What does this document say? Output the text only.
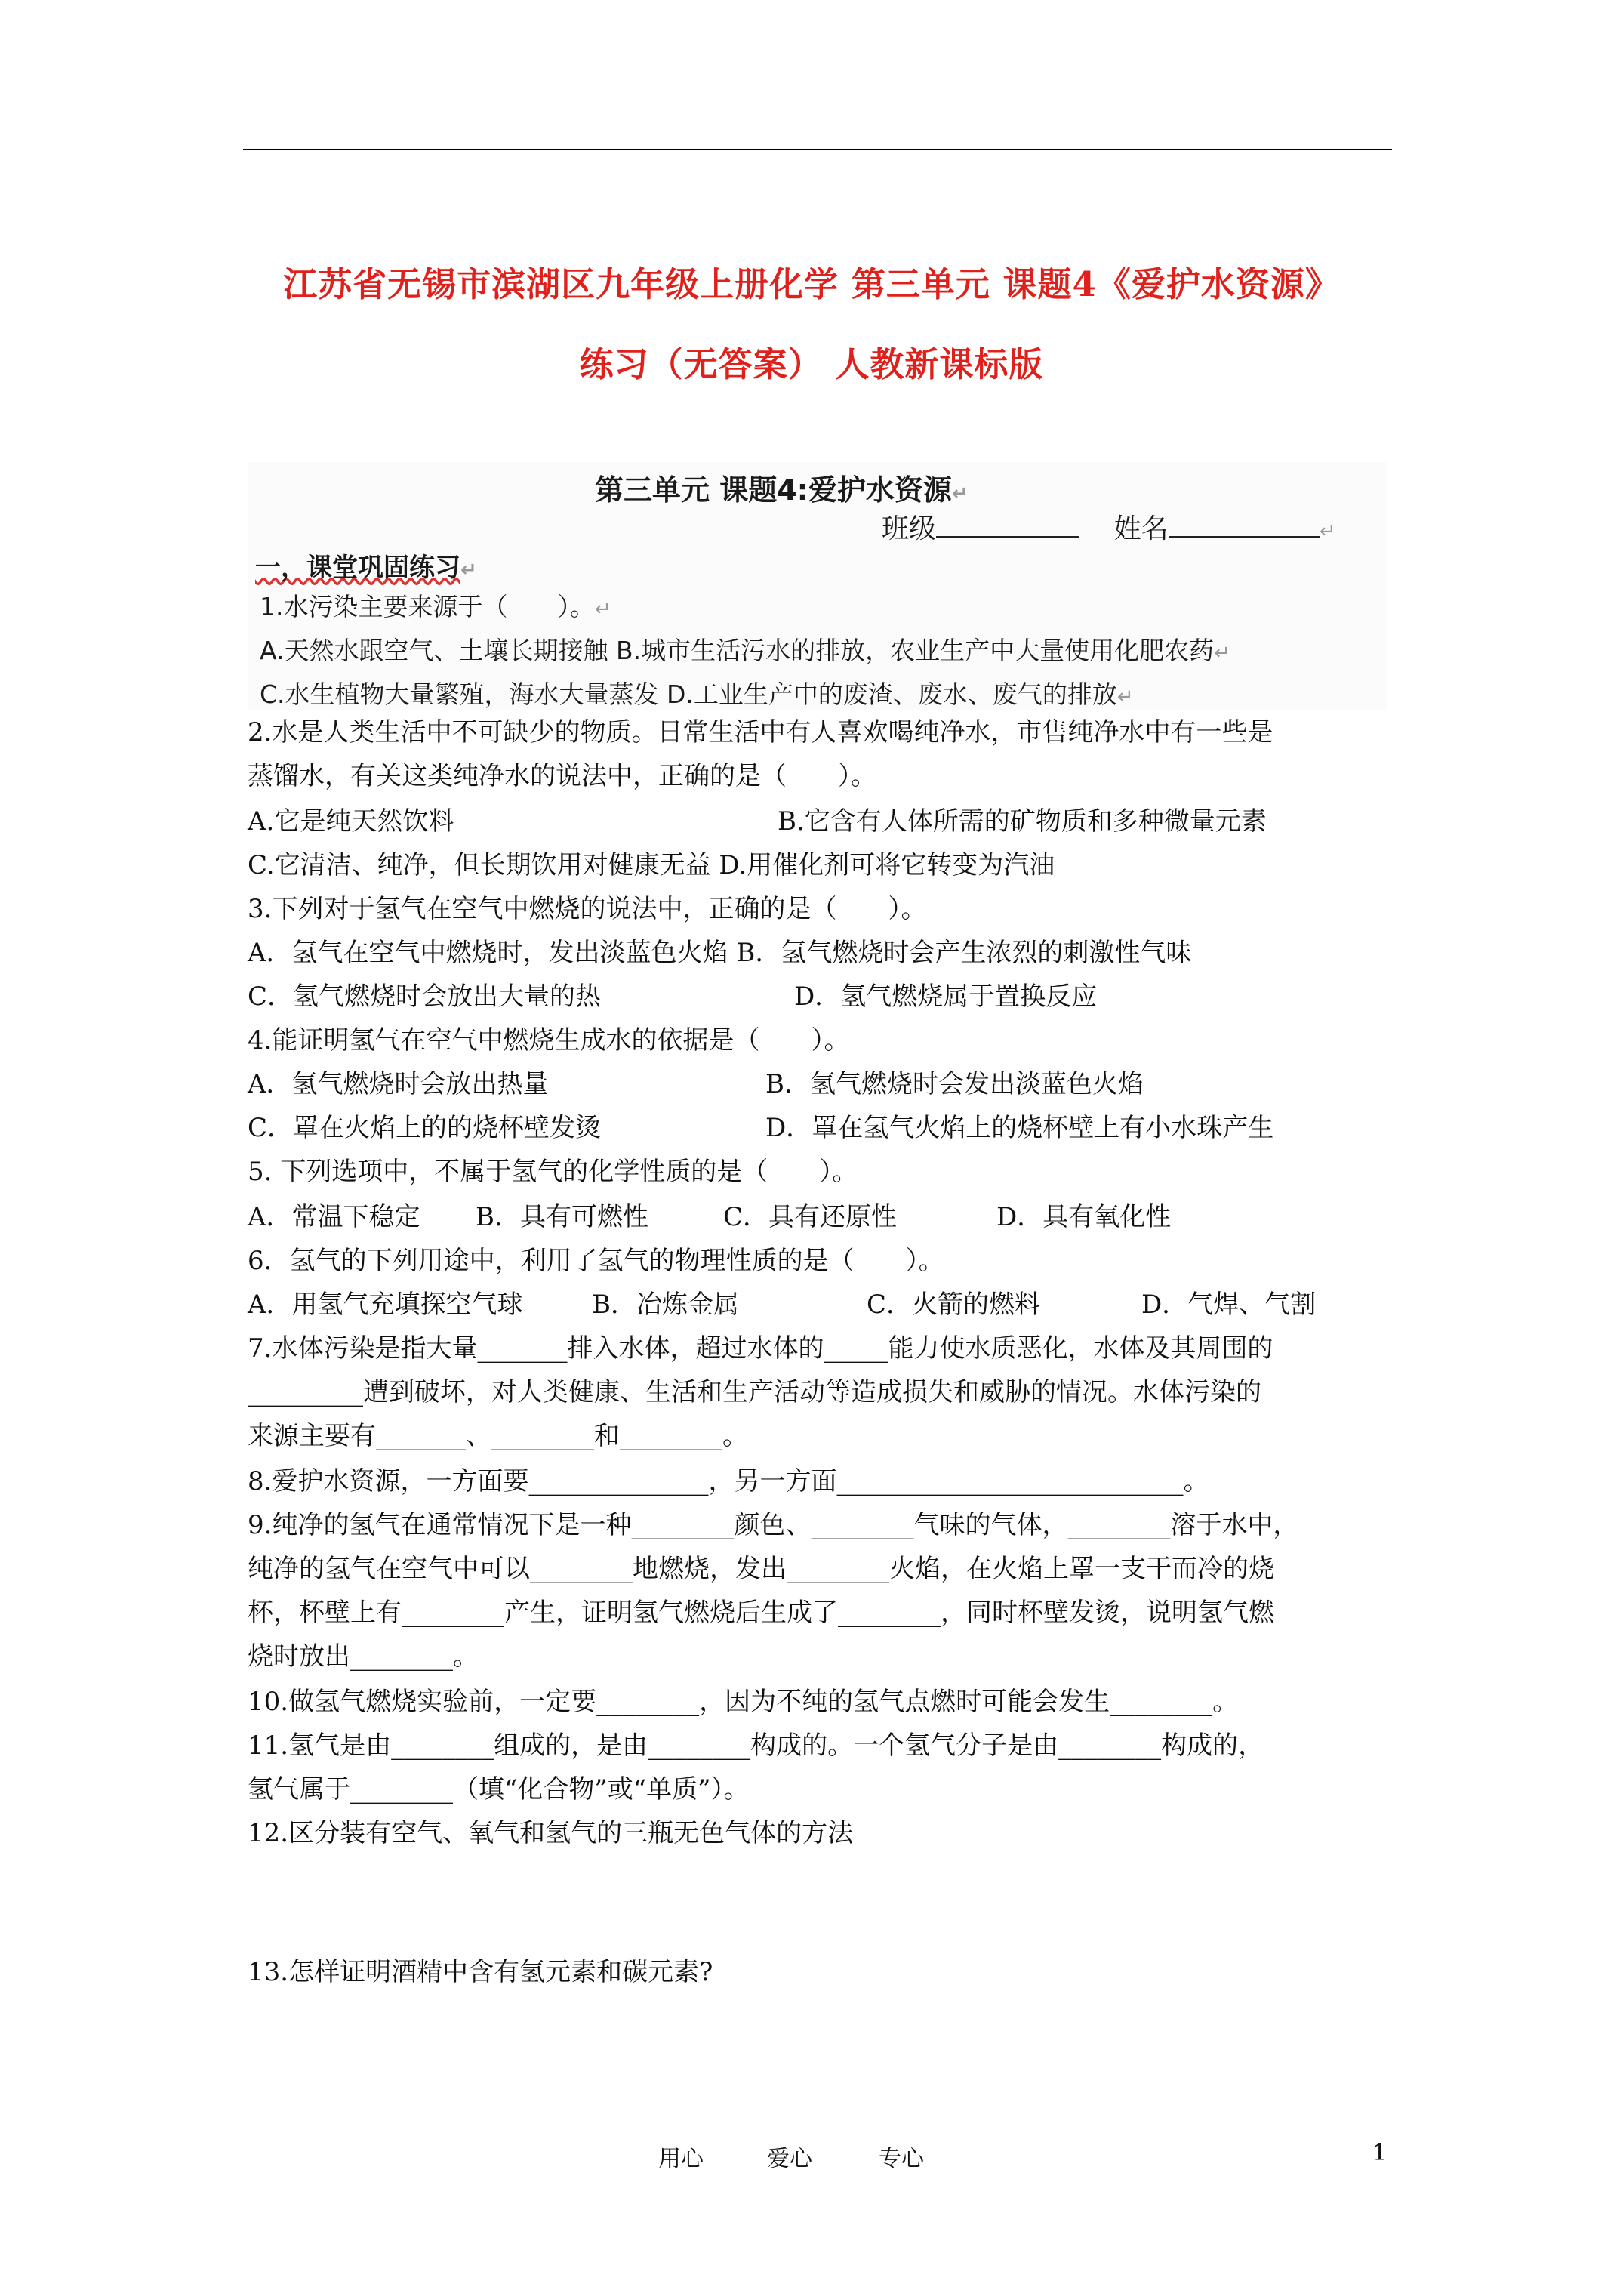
江苏省无锡市滨湖区九年级上册化学 第三单元 课题4《爱护水资源》
练习（无答案） 人教新课标版
第三单元 课题4:爱护水资源↵
班级	姓名	↵
一，课堂巩固练习↵
1.水污染主要来源于（　　）。↵
A.天然水跟空气、土壤长期接触 B.城市生活污水的排放，农业生产中大量使用化肥农药↵
C.水生植物大量繁殖，海水大量蒸发 D.工业生产中的废渣、废水、废气的排放↵
2.水是人类生活中不可缺少的物质。日常生活中有人喜欢喝纯净水，市售纯净水中有一些是
蒸馏水，有关这类纯净水的说法中，正确的是（　　）。
A.它是纯天然饮料	B.它含有人体所需的矿物质和多种微量元素
C.它清洁、纯净，但长期饮用对健康无益 D.用催化剂可将它转变为汽油
3.下列对于氢气在空气中燃烧的说法中，正确的是（　　）。
A．氢气在空气中燃烧时，发出淡蓝色火焰 B．氢气燃烧时会产生浓烈的刺激性气味
C．氢气燃烧时会放出大量的热	D．氢气燃烧属于置换反应
4.能证明氢气在空气中燃烧生成水的依据是（　　）。
A．氢气燃烧时会放出热量	B．氢气燃烧时会发出淡蓝色火焰
C．罩在火焰上的的烧杯壁发烫	D．罩在氢气火焰上的烧杯壁上有小水珠产生
5. 下列选项中，不属于氢气的化学性质的是（　　）。
A．常温下稳定 B．具有可燃性	C．具有还原性	D．具有氧化性
6．氢气的下列用途中，利用了氢气的物理性质的是（　　）。
A．用氢气充填探空气球	B．冶炼金属	C．火箭的燃料	D．气焊、气割
7.水体污染是指大量_______排入水体，超过水体的_____能力使水质恶化，水体及其周围的
_________遭到破坏，对人类健康、生活和生产活动等造成损失和威胁的情况。水体污染的
来源主要有_______、________和________。
8.爱护水资源，一方面要______________，另一方面___________________________。
9.纯净的氢气在通常情况下是一种________颜色、________气味的气体，________溶于水中，
纯净的氢气在空气中可以________地燃烧，发出________火焰，在火焰上罩一支干而冷的烧
杯，杯壁上有________产生，证明氢气燃烧后生成了________，同时杯壁发烫，说明氢气燃
烧时放出________。
10.做氢气燃烧实验前，一定要________，因为不纯的氢气点燃时可能会发生________。
11.氢气是由________组成的，是由________构成的。一个氢气分子是由________构成的，
氢气属于________（填“化合物”或“单质”）。
12.区分装有空气、氧气和氢气的三瓶无色气体的方法
13.怎样证明酒精中含有氢元素和碳元素?
用心	爱心	专心	1
